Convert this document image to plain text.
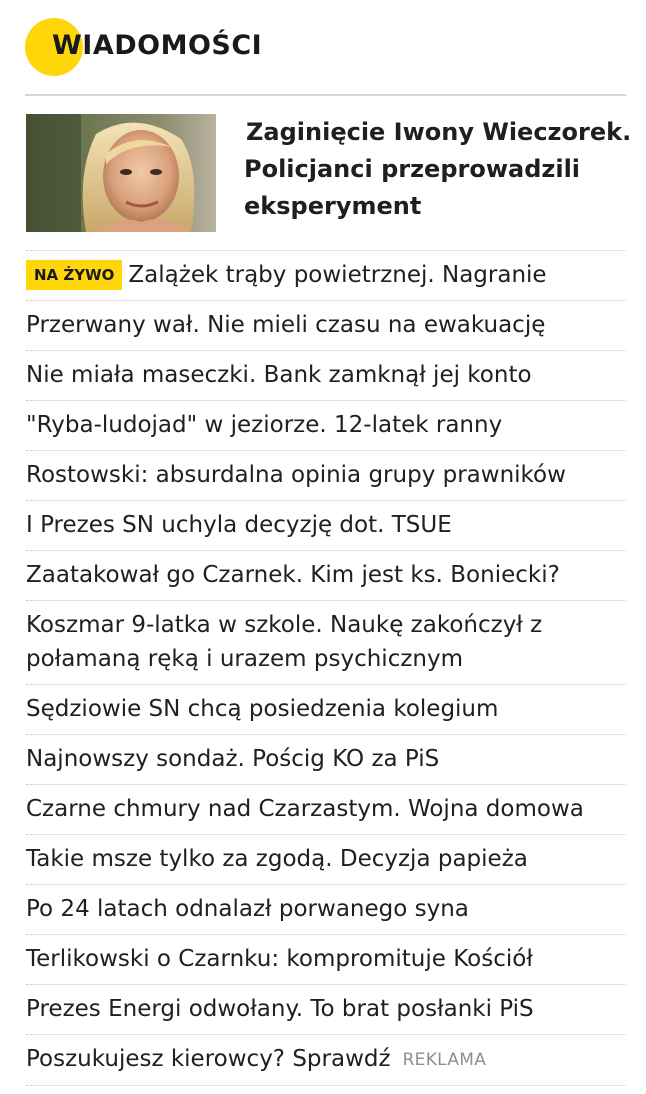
WIADOMOŚCI
Zaginięcie Iwony Wieczorek. Policjanci przeprowadzili eksperyment
NA ŻYWO Zalążek trąby powietrznej. Nagranie
Przerwany wał. Nie mieli czasu na ewakuację
Nie miała maseczki. Bank zamknął jej konto
"Ryba-ludojad" w jeziorze. 12-latek ranny
Rostowski: absurdalna opinia grupy prawników
I Prezes SN uchyla decyzję dot. TSUE
Zaatakował go Czarnek. Kim jest ks. Boniecki?
Koszmar 9-latka w szkole. Naukę zakończył z połamaną ręką i urazem psychicznym
Sędziowie SN chcą posiedzenia kolegium
Najnowszy sondaż. Pościg KO za PiS
Czarne chmury nad Czarzastym. Wojna domowa
Takie msze tylko za zgodą. Decyzja papieża
Po 24 latach odnalazł porwanego syna
Terlikowski o Czarnku: kompromituje Kościół
Prezes Energi odwołany. To brat posłanki PiS
Poszukujesz kierowcy? Sprawdź REKLAMA
